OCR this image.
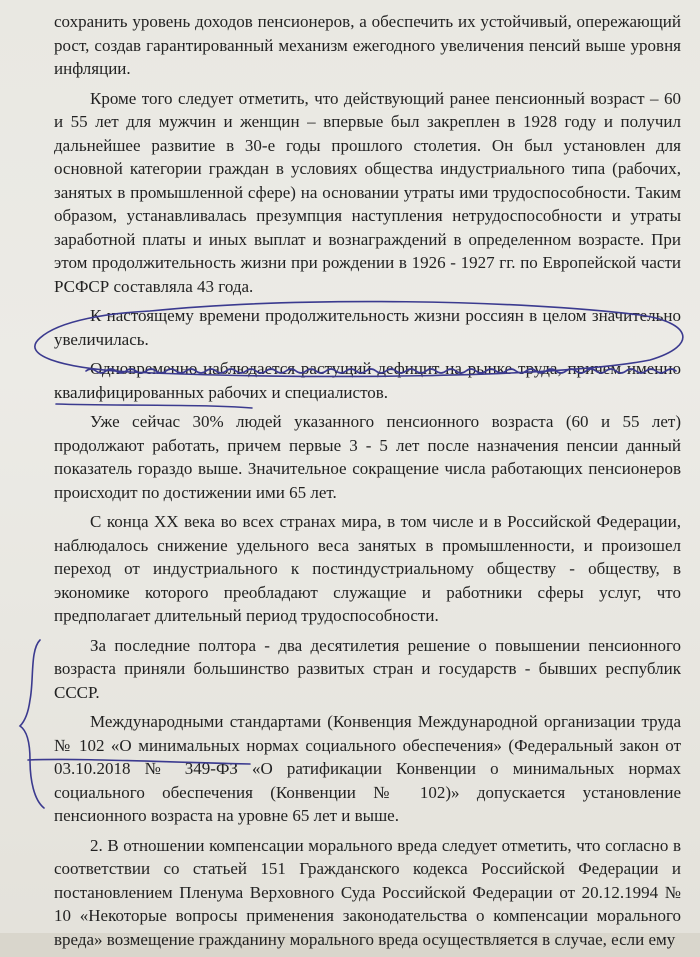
сохранить уровень доходов пенсионеров, а обеспечить их устойчивый, опережающий рост, создав гарантированный механизм ежегодного увеличения пенсий выше уровня инфляции.

Кроме того следует отметить, что действующий ранее пенсионный возраст – 60 и 55 лет для мужчин и женщин – впервые был закреплен в 1928 году и получил дальнейшее развитие в 30-е годы прошлого столетия. Он был установлен для основной категории граждан в условиях общества индустриального типа (рабочих, занятых в промышленной сфере) на основании утраты ими трудоспособности. Таким образом, устанавливалась презумпция наступления нетрудоспособности и утраты заработной платы и иных выплат и вознаграждений в определенном возрасте. При этом продолжительность жизни при рождении в 1926 - 1927 гг. по Европейской части РСФСР составляла 43 года.

К настоящему времени продолжительность жизни россиян в целом значительно увеличилась.

Одновременно наблюдается растущий дефицит на рынке труда, причем именно квалифицированных рабочих и специалистов.

Уже сейчас 30% людей указанного пенсионного возраста (60 и 55 лет) продолжают работать, причем первые 3 - 5 лет после назначения пенсии данный показатель гораздо выше. Значительное сокращение числа работающих пенсионеров происходит по достижении ими 65 лет.

С конца XX века во всех странах мира, в том числе и в Российской Федерации, наблюдалось снижение удельного веса занятых в промышленности, и произошел переход от индустриального к постиндустриальному обществу - обществу, в экономике которого преобладают служащие и работники сферы услуг, что предполагает длительный период трудоспособности.

За последние полтора - два десятилетия решение о повышении пенсионного возраста приняли большинство развитых стран и государств - бывших республик СССР.

Международными стандартами (Конвенция Международной организации труда № 102 «О минимальных нормах социального обеспечения» (Федеральный закон от 03.10.2018 № 349-ФЗ «О ратификации Конвенции о минимальных нормах социального обеспечения (Конвенции № 102)» допускается установление пенсионного возраста на уровне 65 лет и выше.

2. В отношении компенсации морального вреда следует отметить, что согласно в соответствии со статьей 151 Гражданского кодекса Российской Федерации и постановлением Пленума Верховного Суда Российской Федерации от 20.12.1994 № 10 «Некоторые вопросы применения законодательства о компенсации морального вреда» возмещение гражданину морального вреда осуществляется в случае, если ему
